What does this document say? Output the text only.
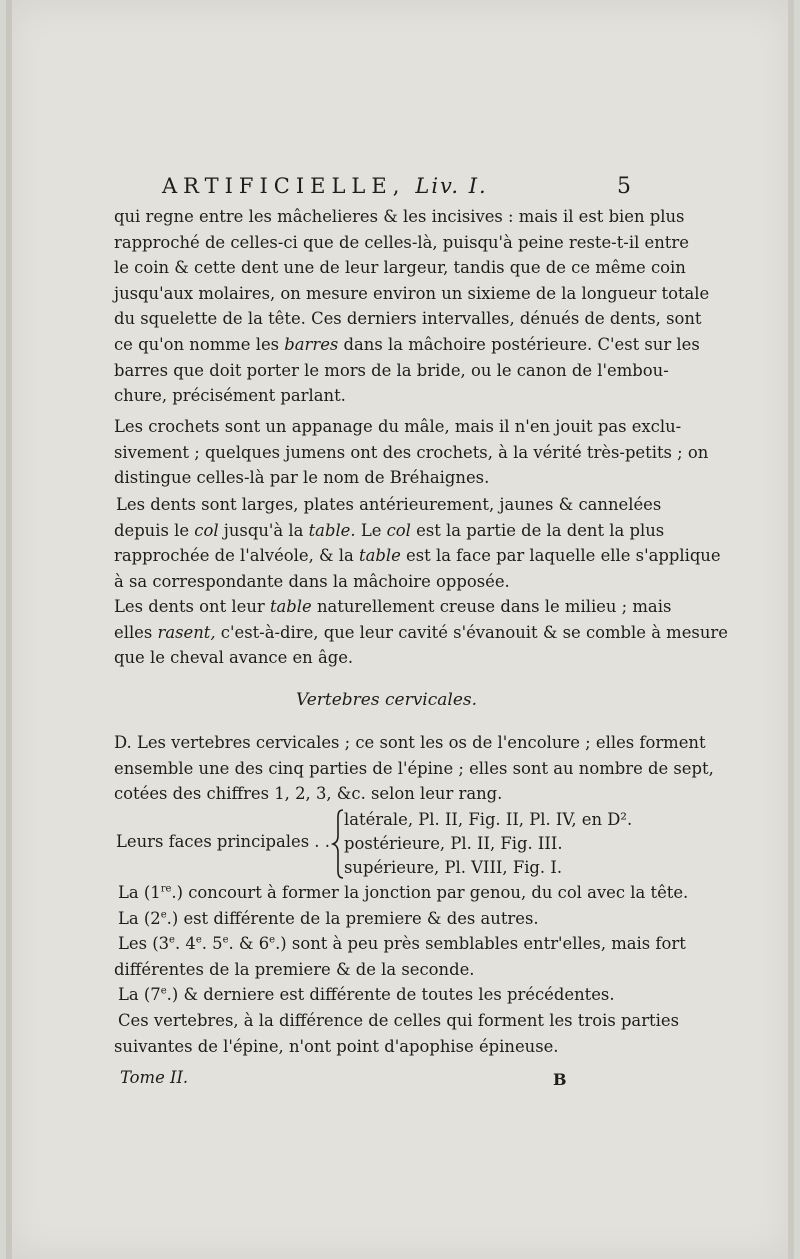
ARTIFICIELLE, Liv. I.	5
qui regne entre les mâchelieres & les incisives : mais il est bien plus
rapproché de celles-ci que de celles-là, puisqu'à peine reste-t-il entre
le coin & cette dent une de leur largeur, tandis que de ce même coin
jusqu'aux molaires, on mesure environ un sixieme de la longueur totale
du squelette de la tête. Ces derniers intervalles, dénués de dents, sont
ce qu'on nomme les barres dans la mâchoire postérieure. C'est sur les
barres que doit porter le mors de la bride, ou le canon de l'embou-
chure, précisément parlant.
Les crochets sont un appanage du mâle, mais il n'en jouit pas exclu-
sivement ; quelques jumens ont des crochets, à la vérité très-petits ; on
distingue celles-là par le nom de Bréhaignes.
Les dents sont larges, plates antérieurement, jaunes & cannelées
depuis le col jusqu'à la table. Le col est la partie de la dent la plus
rapprochée de l'alvéole, & la table est la face par laquelle elle s'applique
à sa correspondante dans la mâchoire opposée.
Les dents ont leur table naturellement creuse dans le milieu ; mais
elles rasent, c'est-à-dire, que leur cavité s'évanouit & se comble à mesure
que le cheval avance en âge.
Vertebres cervicales.
D. Les vertebres cervicales ; ce sont les os de l'encolure ; elles forment
ensemble une des cinq parties de l'épine ; elles sont au nombre de sept,
cotées des chiffres 1, 2, 3, &c. selon leur rang.
Leurs faces principales . .
latérale, Pl. II, Fig. II, Pl. IV, en D².
postérieure, Pl. II, Fig. III.
supérieure, Pl. VIII, Fig. I.
La (1re.) concourt à former la jonction par genou, du col avec la tête.
La (2e.) est différente de la premiere & des autres.
Les (3e. 4e. 5e. & 6e.) sont à peu près semblables entr'elles, mais fort
différentes de la premiere & de la seconde.
La (7e.) & derniere est différente de toutes les précédentes.
Ces vertebres, à la différence de celles qui forment les trois parties
suivantes de l'épine, n'ont point d'apophise épineuse.
Tome II.	B
